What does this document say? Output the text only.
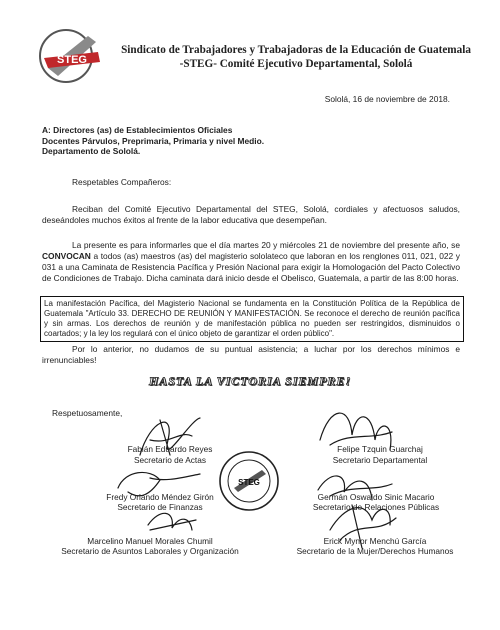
STEG
Sindicato de Trabajadores y Trabajadoras de la Educación de Guatemala
-STEG- Comité Ejecutivo Departamental, Sololá
Sololá, 16 de noviembre de 2018.
A: Directores (as) de Establecimientos Oficiales
Docentes Párvulos, Preprimaria, Primaria y nivel Medio.
Departamento de Sololá.
Respetables Compañeros:
Reciban del Comité Ejecutivo Departamental del STEG, Sololá, cordiales y afectuosos saludos, deseándoles muchos éxitos al frente de la labor educativa que desempeñan.
La presente es para informarles que el día martes 20 y miércoles 21 de noviembre del presente año, se CONVOCAN a todos (as) maestros (as) del magisterio sololateco que laboran en los renglones 011, 021, 022 y 031 a una Caminata de Resistencia Pacífica y Presión Nacional para exigir la Homologación del Pacto Colectivo de Condiciones de Trabajo. Dicha caminata dará inicio desde el Obelisco, Guatemala, a partir de las 8:00 horas.
La manifestación Pacífica, del Magisterio Nacional se fundamenta en la Constitución Política de la República de Guatemala "Artículo 33. DERECHO DE REUNIÓN Y MANIFESTACIÓN. Se reconoce el derecho de reunión pacífica y sin armas. Los derechos de reunión y de manifestación pública no pueden ser restringidos, disminuidos o coartados; y la ley los regulará con el único objeto de garantizar el orden público".
Por lo anterior, no dudamos de su puntual asistencia; a luchar por los derechos mínimos e irrenunciables!
HASTA LA VICTORIA SIEMPRE!
Respetuosamente,
STEG
Fabián Eduardo Reyes
Secretario de Actas
Felipe Tzquin Guarchaj
Secretario Departamental
Fredy Orlando Méndez Girón
Secretario de Finanzas
Germán Oswaldo Sinic Macario
Secretario de Relaciones Públicas
Marcelino Manuel Morales Chumil
Secretario de Asuntos Laborales y Organización
Erick Mynor Menchú García
Secretario de la Mujer/Derechos Humanos
